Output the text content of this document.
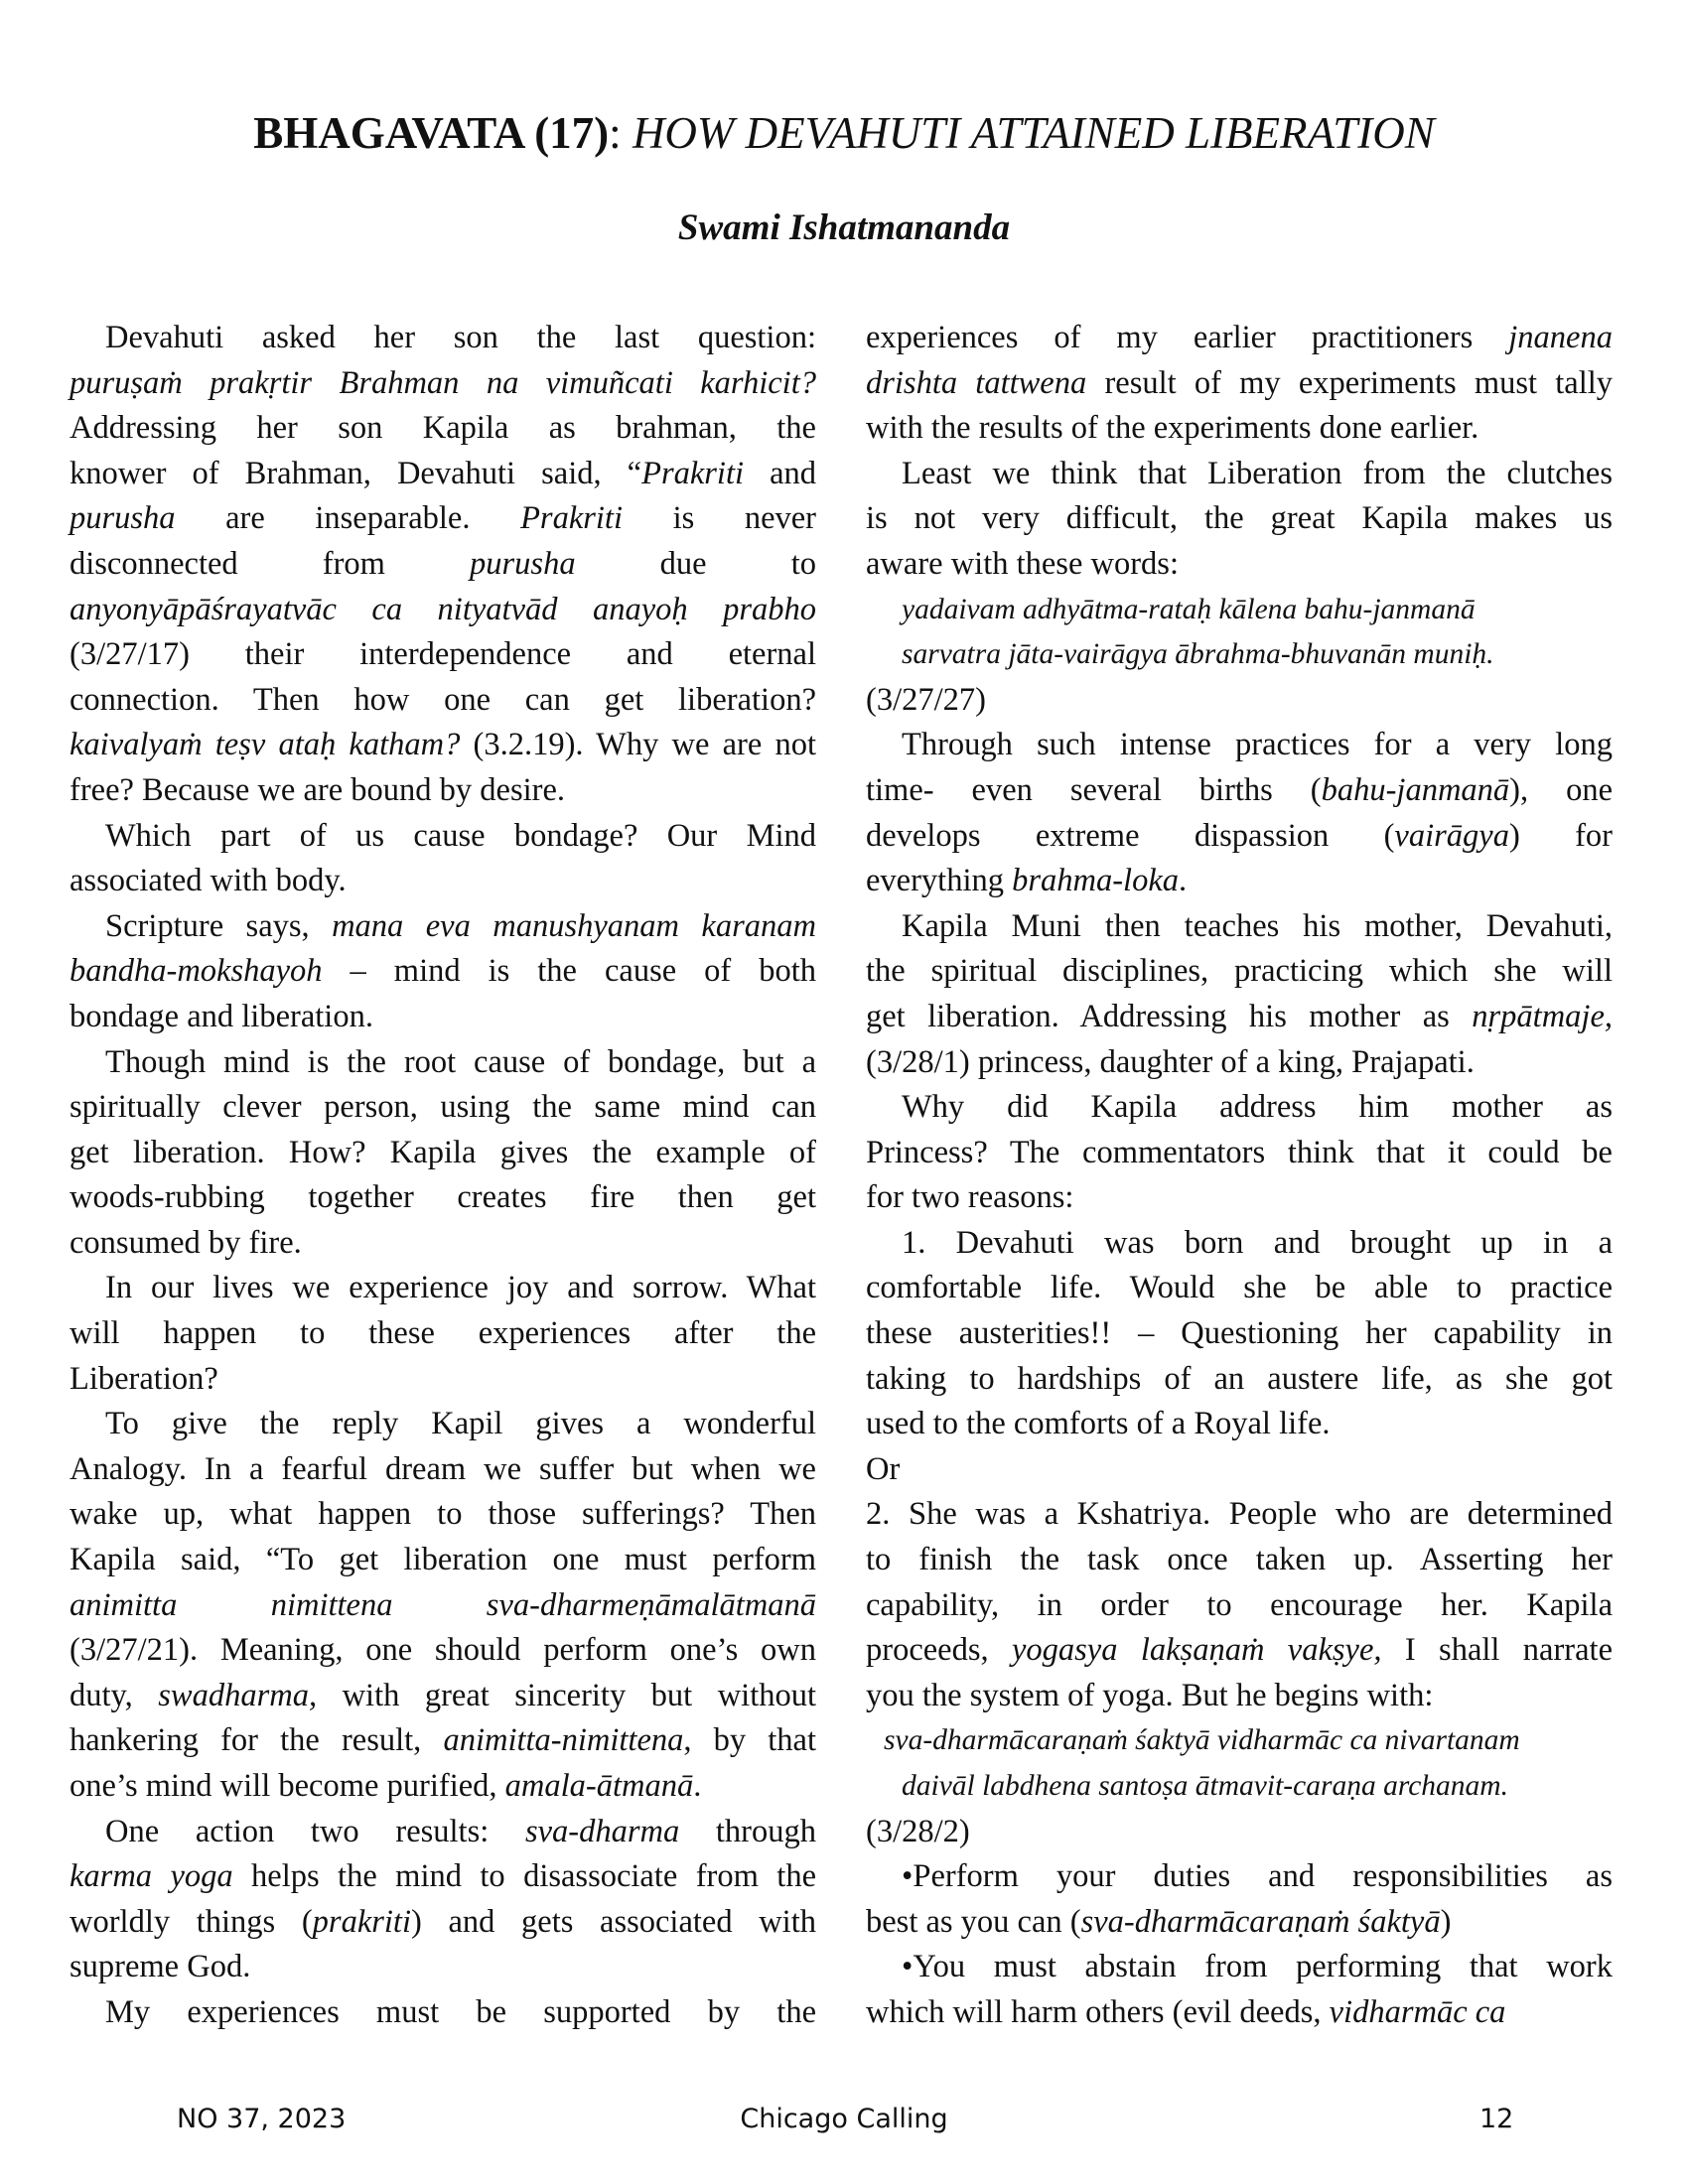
BHAGAVATA (17): HOW DEVAHUTI ATTAINED LIBERATION
Swami Ishatmananda

Devahuti asked her son the last question:

puruṣaṁ prakṛtir Brahman na vimuñcati karhicit?

Addressing her son Kapila as brahman, the

knower of Brahman, Devahuti said, “Prakriti and

purusha are inseparable. Prakriti is never

disconnected from purusha due to

anyonyāpāśrayatvāc ca nityatvād anayoḥ prabho

(3/27/17) their interdependence and eternal

connection. Then how one can get liberation?

kaivalyaṁ teṣv ataḥ katham? (3.2.19). Why we are not

free? Because we are bound by desire.

Which part of us cause bondage? Our Mind

associated with body.

Scripture says, mana eva manushyanam karanam

bandha-mokshayoh – mind is the cause of both

bondage and liberation.

Though mind is the root cause of bondage, but a

spiritually clever person, using the same mind can

get liberation. How? Kapila gives the example of

woods-rubbing together creates fire then get

consumed by fire.

In our lives we experience joy and sorrow. What

will happen to these experiences after the

Liberation?

To give the reply Kapil gives a wonderful

Analogy. In a fearful dream we suffer but when we

wake up, what happen to those sufferings? Then

Kapila said, “To get liberation one must perform

animitta nimittena sva-dharmeṇāmalātmanā

(3/27/21). Meaning, one should perform one’s own

duty, swadharma, with great sincerity but without

hankering for the result, animitta-nimittena, by that

one’s mind will become purified, amala-ātmanā.

One action two results: sva-dharma through

karma yoga helps the mind to disassociate from the

worldly things (prakriti) and gets associated with

supreme God.

My experiences must be supported by the

experiences of my earlier practitioners jnanena

drishta tattwena result of my experiments must tally

with the results of the experiments done earlier.

Least we think that Liberation from the clutches

is not very difficult, the great Kapila makes us

aware with these words:

yadaivam adhyātma-rataḥ kālena bahu-janmanā

sarvatra jāta-vairāgya ābrahma-bhuvanān muniḥ.

(3/27/27)

Through such intense practices for a very long

time- even several births (bahu-janmanā), one

develops extreme dispassion (vairāgya) for

everything brahma-loka.

Kapila Muni then teaches his mother, Devahuti,

the spiritual disciplines, practicing which she will

get liberation. Addressing his mother as nṛpātmaje,

(3/28/1) princess, daughter of a king, Prajapati.

Why did Kapila address him mother as

Princess? The commentators think that it could be

for two reasons:

1. Devahuti was born and brought up in a

comfortable life. Would she be able to practice

these austerities!! – Questioning her capability in

taking to hardships of an austere life, as she got

used to the comforts of a Royal life.

Or

2. She was a Kshatriya. People who are determined

to finish the task once taken up. Asserting her

capability, in order to encourage her. Kapila

proceeds, yogasya lakṣaṇaṁ vakṣye, I shall narrate

you the system of yoga. But he begins with:

sva-dharmācaraṇaṁ śaktyā vidharmāc ca nivartanam

daivāl labdhena santoṣa ātmavit-caraṇa archanam.

(3/28/2)

•Perform your duties and responsibilities as

best as you can (sva-dharmācaraṇaṁ śaktyā)

•You must abstain from performing that work

which will harm others (evil deeds, vidharmāc ca

NO 37, 2023	Chicago Calling	12
